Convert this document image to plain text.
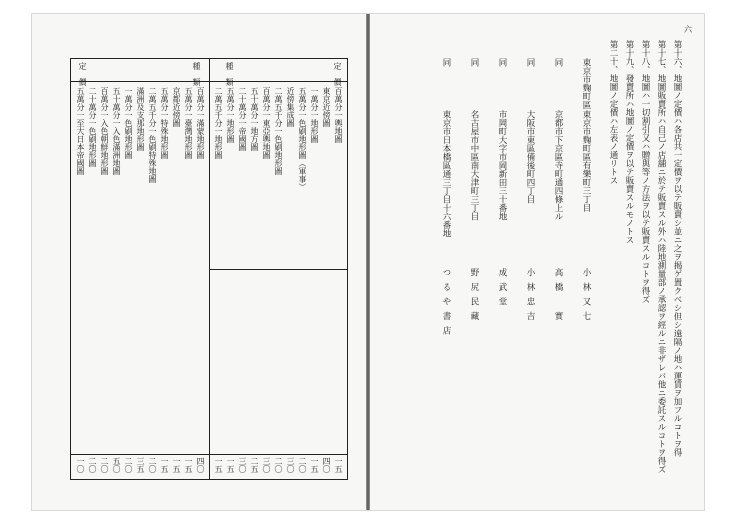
種　類	定　價
種　類
定　價
二萬五千分一地形圖
一五
五萬分一地形圖
一五
二十萬分一帝國圖
三〇
五十萬分一地方圖
二五
百萬分一東亞輿地圖
三〇
二萬五千分一色刷地形圖
二〇
近傍集成圖
三〇
五萬分一色刷地形圖（軍事）
二〇
一萬分一地形圖
一五
東京近傍圖
四〇
百萬分一輿地圖
一五
五萬分一至大日本帝國圖
一〇
二十萬分一色刷地形圖
二〇
百萬分一入色朝鮮地形圖
二〇
五十萬分一入色滿洲地圖
五〇
一萬分一色刷地形圖
二〇
滿洲及支那地形圖
三五
二萬五千分一色刷特殊地圖
二〇
五萬分一特殊地形圖
一五
京都近傍圖
一五
五萬分一臺灣地形圖
一五
百萬分一滿蒙地形圖
四〇
六
第十六、地圖ノ定價ハ各店共一定價ヲ以テ販賣シ並ニ之ヲ揭ゲ置クベシ但シ遠隔ノ地ハ運賃ヲ加フルコトヲ得
第十七、地圖販賣所ハ自己ノ店舖ニ於テ販賣スル外ハ陸地測量部ノ承認ヲ經ルニ非ザレバ他ニ委託スルコトヲ得ズ
第十八、地圖ハ一切割引又ハ贈與等ノ方法ヲ以テ販賣スルコトヲ得ズ
第十九、發賣所ハ地圖ノ定價ヲ以テ販賣スルモノトス
第二十、地圖ノ定價ハ左表ノ通リトス
東京市麴町區
東京市麴町區有樂町三丁目
小林又七
同
京都市下京區寺町通四條上ル
高橋　實
同
大阪市東區備後町四丁目
小林忠吉
同
市岡町大字市岡新田三十番地
成武堂
同
名古屋市中區南大津町三丁目
野尻民藏
同
東京市日本橋區通三丁目十六番地
つるや書店
